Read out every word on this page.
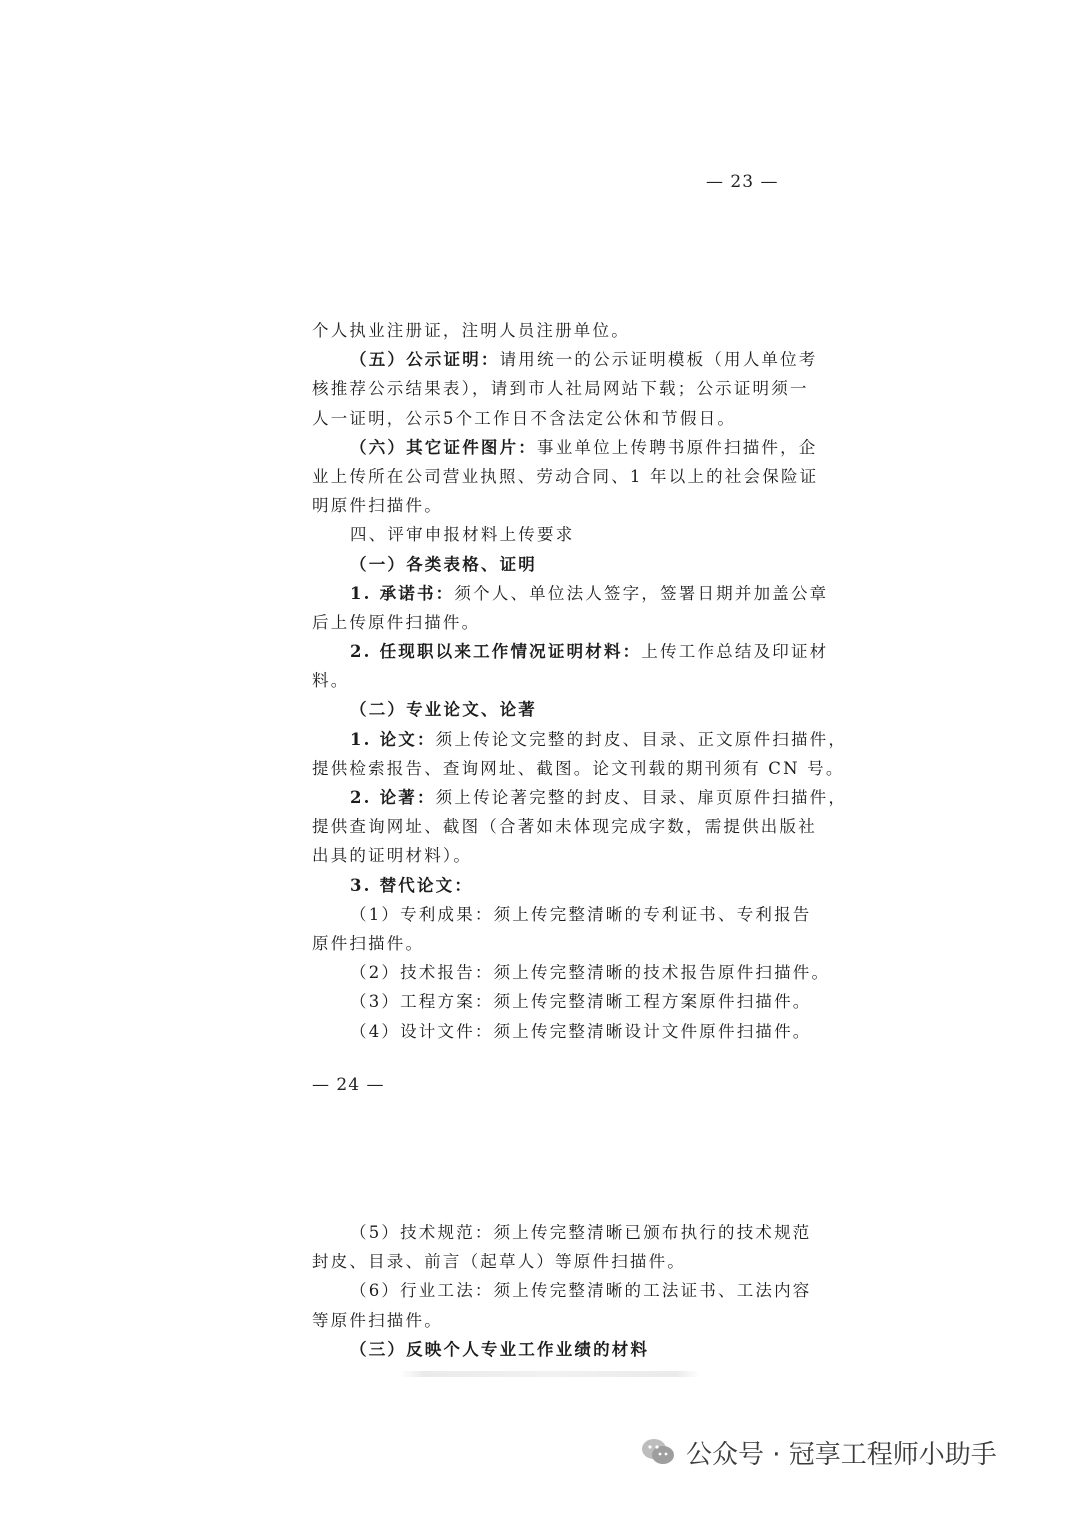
— 23 —
个人执业注册证，注明人员注册单位。
（五）公示证明：请用统一的公示证明模板（用人单位考
核推荐公示结果表），请到市人社局网站下载；公示证明须一
人一证明，公示5个工作日不含法定公休和节假日。
（六）其它证件图片：事业单位上传聘书原件扫描件，企
业上传所在公司营业执照、劳动合同、1 年以上的社会保险证
明原件扫描件。
四、评审申报材料上传要求
（一）各类表格、证明
1. 承诺书：须个人、单位法人签字，签署日期并加盖公章
后上传原件扫描件。
2. 任现职以来工作情况证明材料：上传工作总结及印证材
料。
（二）专业论文、论著
1. 论文：须上传论文完整的封皮、目录、正文原件扫描件，
提供检索报告、查询网址、截图。论文刊载的期刊须有 CN 号。
2. 论著：须上传论著完整的封皮、目录、扉页原件扫描件，
提供查询网址、截图（合著如未体现完成字数，需提供出版社
出具的证明材料）。
3. 替代论文：
（1）专利成果：须上传完整清晰的专利证书、专利报告
原件扫描件。
（2）技术报告：须上传完整清晰的技术报告原件扫描件。
（3）工程方案：须上传完整清晰工程方案原件扫描件。
（4）设计文件：须上传完整清晰设计文件原件扫描件。
— 24 —
（5）技术规范：须上传完整清晰已颁布执行的技术规范
封皮、目录、前言（起草人）等原件扫描件。
（6）行业工法：须上传完整清晰的工法证书、工法内容
等原件扫描件。
（三）反映个人专业工作业绩的材料
公众号 · 冠享工程师小助手
